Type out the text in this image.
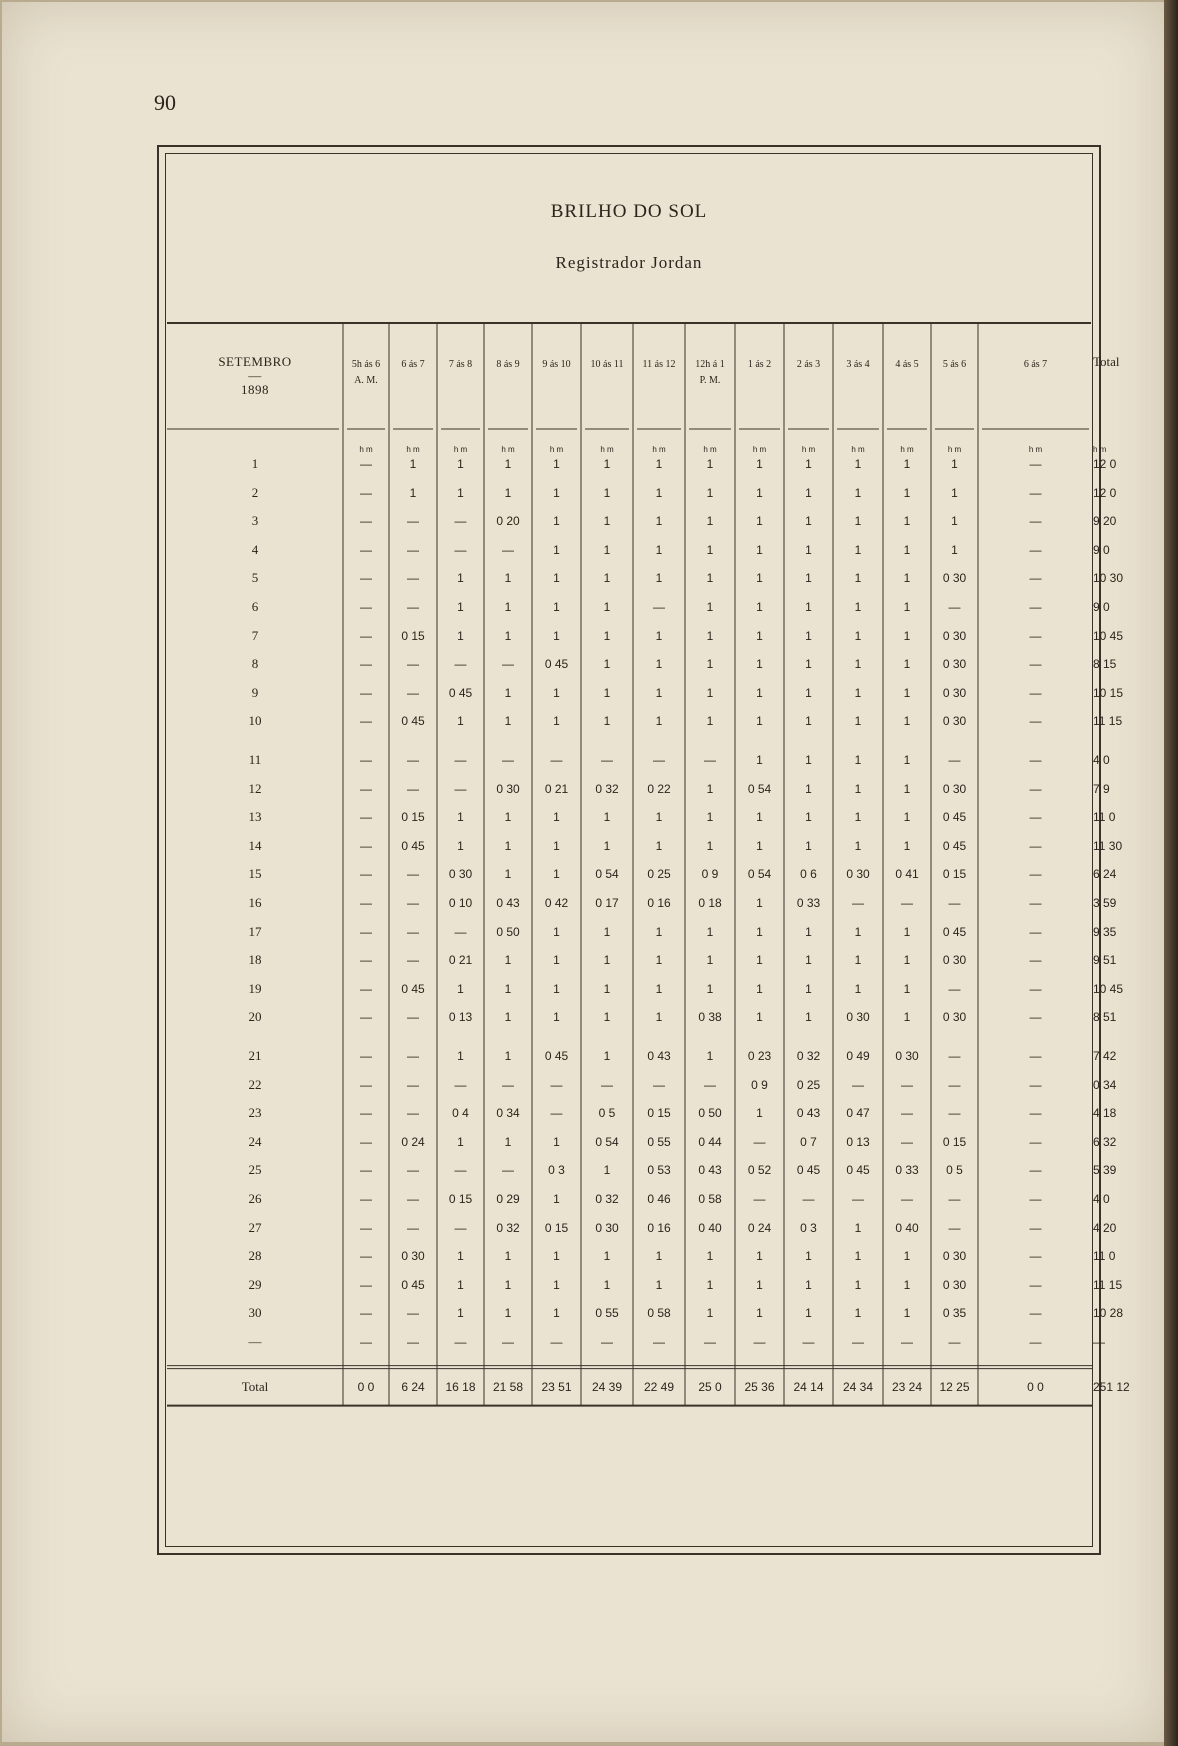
90
BRILHO DO SOL
Registrador Jordan
SETEMBRO
—
1898
5h ás 6	6 ás 7	7 ás 8	8 ás 9	9 ás 10	10 ás 11	11 ás 12	12h á 1	1 ás 2	2 ás 3	3 ás 4	4 ás 5	5 ás 6	6 ás 7	Total
A. M.	P. M.
h m	h m	h m	h m	h m	h m	h m	h m	h m	h m	h m	h m	h m	h m	h m
1	—	1	1	1	1	1	1	1	1	1	1	1	1	—	12 0
2	—	1	1	1	1	1	1	1	1	1	1	1	1	—	12 0
3	—	—	—	0 20	1	1	1	1	1	1	1	1	1	—	9 20
4	—	—	—	—	1	1	1	1	1	1	1	1	1	—	9 0
5	—	—	1	1	1	1	1	1	1	1	1	1	0 30	—	10 30
6	—	—	1	1	1	1	—	1	1	1	1	1	—	—	9 0
7	—	0 15	1	1	1	1	1	1	1	1	1	1	0 30	—	10 45
8	—	—	—	—	0 45	1	1	1	1	1	1	1	0 30	—	8 15
9	—	—	0 45	1	1	1	1	1	1	1	1	1	0 30	—	10 15
10	—	0 45	1	1	1	1	1	1	1	1	1	1	0 30	—	11 15
11	—	—	—	—	—	—	—	—	1	1	1	1	—	—	4 0
12	—	—	—	0 30	0 21	0 32	0 22	1	0 54	1	1	1	0 30	—	7 9
13	—	0 15	1	1	1	1	1	1	1	1	1	1	0 45	—	11 0
14	—	0 45	1	1	1	1	1	1	1	1	1	1	0 45	—	11 30
15	—	—	0 30	1	1	0 54	0 25	0 9	0 54	0 6	0 30	0 41	0 15	—	6 24
16	—	—	0 10	0 43	0 42	0 17	0 16	0 18	1	0 33	—	—	—	—	3 59
17	—	—	—	0 50	1	1	1	1	1	1	1	1	0 45	—	9 35
18	—	—	0 21	1	1	1	1	1	1	1	1	1	0 30	—	9 51
19	—	0 45	1	1	1	1	1	1	1	1	1	1	—	—	10 45
20	—	—	0 13	1	1	1	1	0 38	1	1	0 30	1	0 30	—	8 51
21	—	—	1	1	0 45	1	0 43	1	0 23	0 32	0 49	0 30	—	—	7 42
22	—	—	—	—	—	—	—	—	0 9	0 25	—	—	—	—	0 34
23	—	—	0 4	0 34	—	0 5	0 15	0 50	1	0 43	0 47	—	—	—	4 18
24	—	0 24	1	1	1	0 54	0 55	0 44	—	0 7	0 13	—	0 15	—	6 32
25	—	—	—	—	0 3	1	0 53	0 43	0 52	0 45	0 45	0 33	0 5	—	5 39
26	—	—	0 15	0 29	1	0 32	0 46	0 58	—	—	—	—	—	—	4 0
27	—	—	—	0 32	0 15	0 30	0 16	0 40	0 24	0 3	1	0 40	—	—	4 20
28	—	0 30	1	1	1	1	1	1	1	1	1	1	0 30	—	11 0
29	—	0 45	1	1	1	1	1	1	1	1	1	1	0 30	—	11 15
30	—	—	1	1	1	0 55	0 58	1	1	1	1	1	0 35	—	10 28
—	—	—	—	—	—	—	—	—	—	—	—	—	—	—	—
Total	0 0	6 24	16 18	21 58	23 51	24 39	22 49	25 0	25 36	24 14	24 34	23 24	12 25	0 0	251 12
